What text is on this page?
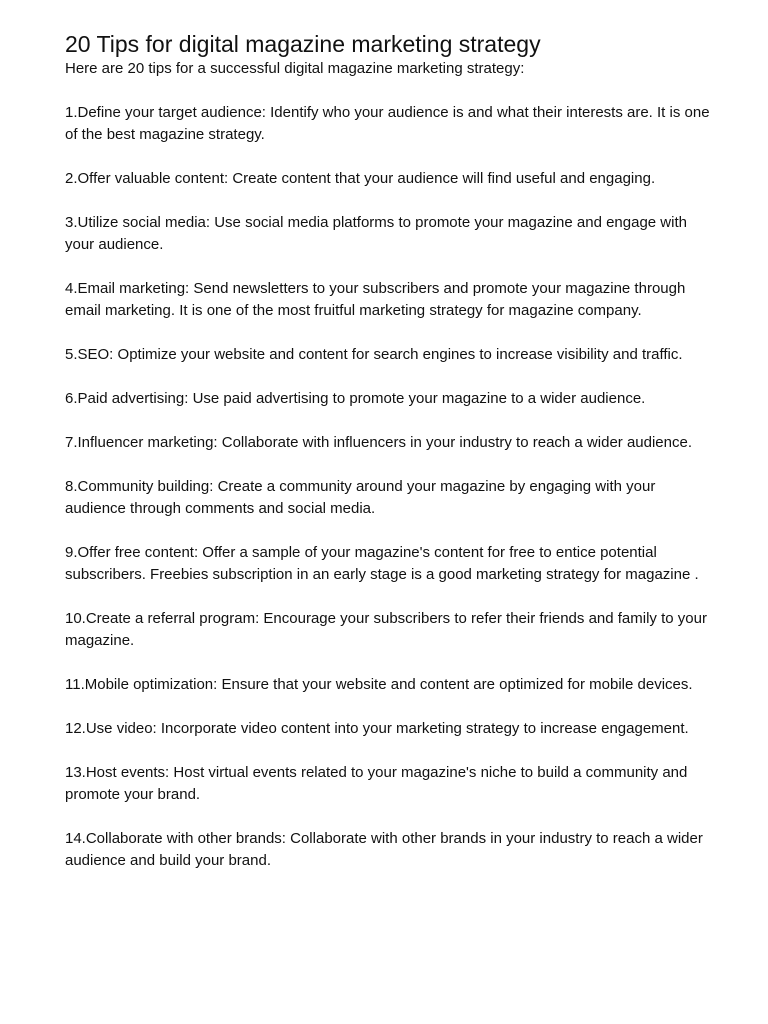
20 Tips for digital magazine marketing strategy

Here are 20 tips for a successful digital magazine marketing strategy:

1.Define your target audience: Identify who your audience is and what their interests are. It is one of the best magazine strategy.
2.Offer valuable content: Create content that your audience will find useful and engaging.
3.Utilize social media: Use social media platforms to promote your magazine and engage with your audience.
4.Email marketing: Send newsletters to your subscribers and promote your magazine through email marketing. It is one of the most fruitful marketing strategy for magazine company.
5.SEO: Optimize your website and content for search engines to increase visibility and traffic.
6.Paid advertising: Use paid advertising to promote your magazine to a wider audience.
7.Influencer marketing: Collaborate with influencers in your industry to reach a wider audience.
8.Community building: Create a community around your magazine by engaging with your audience through comments and social media.
9.Offer free content: Offer a sample of your magazine's content for free to entice potential subscribers. Freebies subscription in an early stage is a good marketing strategy for magazine .
10.Create a referral program: Encourage your subscribers to refer their friends and family to your magazine.
11.Mobile optimization: Ensure that your website and content are optimized for mobile devices.
12.Use video: Incorporate video content into your marketing strategy to increase engagement.
13.Host events: Host virtual events related to your magazine's niche to build a community and promote your brand.
14.Collaborate with other brands: Collaborate with other brands in your industry to reach a wider audience and build your brand.
